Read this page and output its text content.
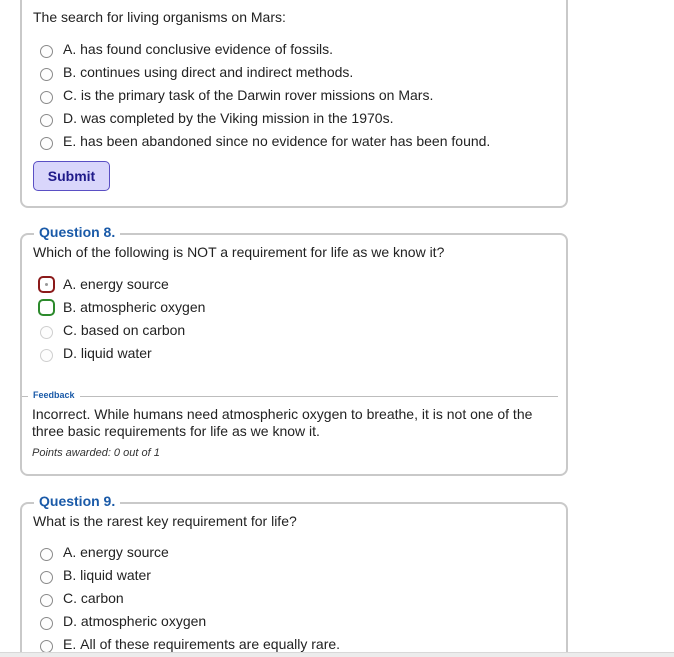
The search for living organisms on Mars:
A.
has found conclusive evidence of fossils.
B.
continues using direct and indirect methods.
C.
is the primary task of the Darwin rover missions on Mars.
D.
was completed by the Viking mission in the 1970s.
E.
has been abandoned since no evidence for water has been found.
Submit
Question 8.
Which of the following is NOT a requirement for life as we know it?
A.
energy source
B.
atmospheric oxygen
C.
based on carbon
D.
liquid water
Feedback
Incorrect. While humans need atmospheric oxygen to breathe, it is not one of the three basic requirements for life as we know it.
Points awarded: 0 out of 1
Question 9.
What is the rarest key requirement for life?
A.
energy source
B.
liquid water
C.
carbon
D.
atmospheric oxygen
E.
All of these requirements are equally rare.
